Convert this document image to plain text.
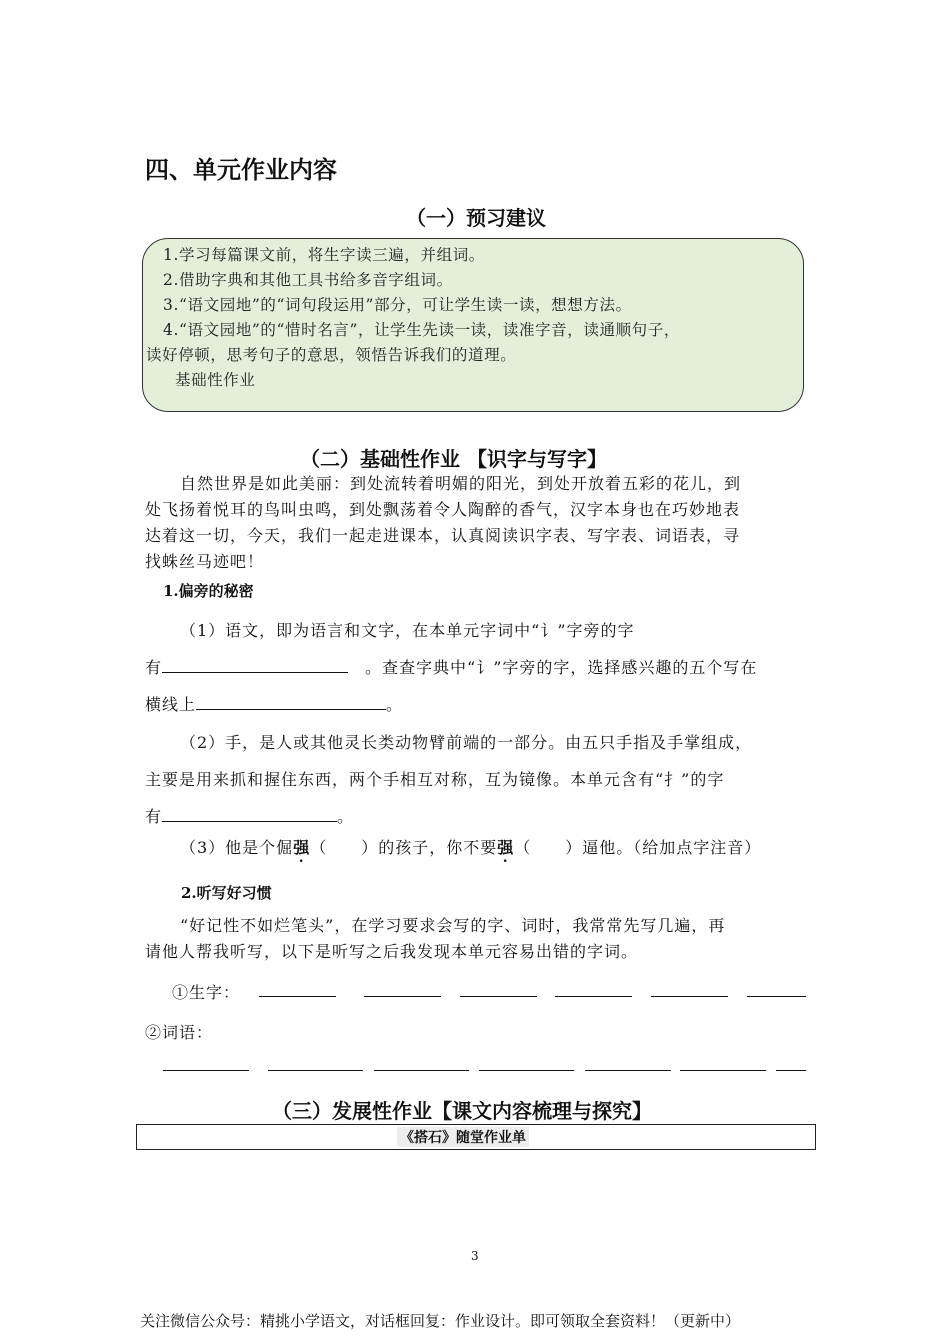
四、单元作业内容
（一）预习建议
1.学习每篇课文前，将生字读三遍，并组词。
2.借助字典和其他工具书给多音字组词。
3.“语文园地”的“词句段运用”部分，可让学生读一读，想想方法。
4.“语文园地”的“惜时名言”，让学生先读一读，读准字音，读通顺句子，
读好停顿，思考句子的意思，领悟告诉我们的道理。
基础性作业
（二）基础性作业 【识字与写字】
自然世界是如此美丽：到处流转着明媚的阳光，到处开放着五彩的花儿，到
处飞扬着悦耳的鸟叫虫鸣，到处飘荡着令人陶醉的香气，汉字本身也在巧妙地表
达着这一切，今天，我们一起走进课本，认真阅读识字表、写字表、词语表，寻
找蛛丝马迹吧！
1.偏旁的秘密
（1）语文，即为语言和文字，在本单元字词中“讠”字旁的字
有　	。查查字典中“讠”字旁的字，选择感兴趣的五个写在
横线上	。
（2）手，是人或其他灵长类动物臂前端的一部分。由五只手指及手掌组成，
主要是用来抓和握住东西，两个手相互对称，互为镜像。本单元含有“扌”的字
有	。
（3）他是个倔强（　　）的孩子，你不要强（　　）逼他。（给加点字注音）
2.听写好习惯
“好记性不如烂笔头”，在学习要求会写的字、词时，我常常先写几遍，再
请他人帮我听写，以下是听写之后我发现本单元容易出错的字词。
①生字：
②词语：
（三）发展性作业【课文内容梳理与探究】
《搭石》随堂作业单
3
关注微信公众号：精挑小学语文，对话框回复：作业设计。即可领取全套资料！（更新中）
